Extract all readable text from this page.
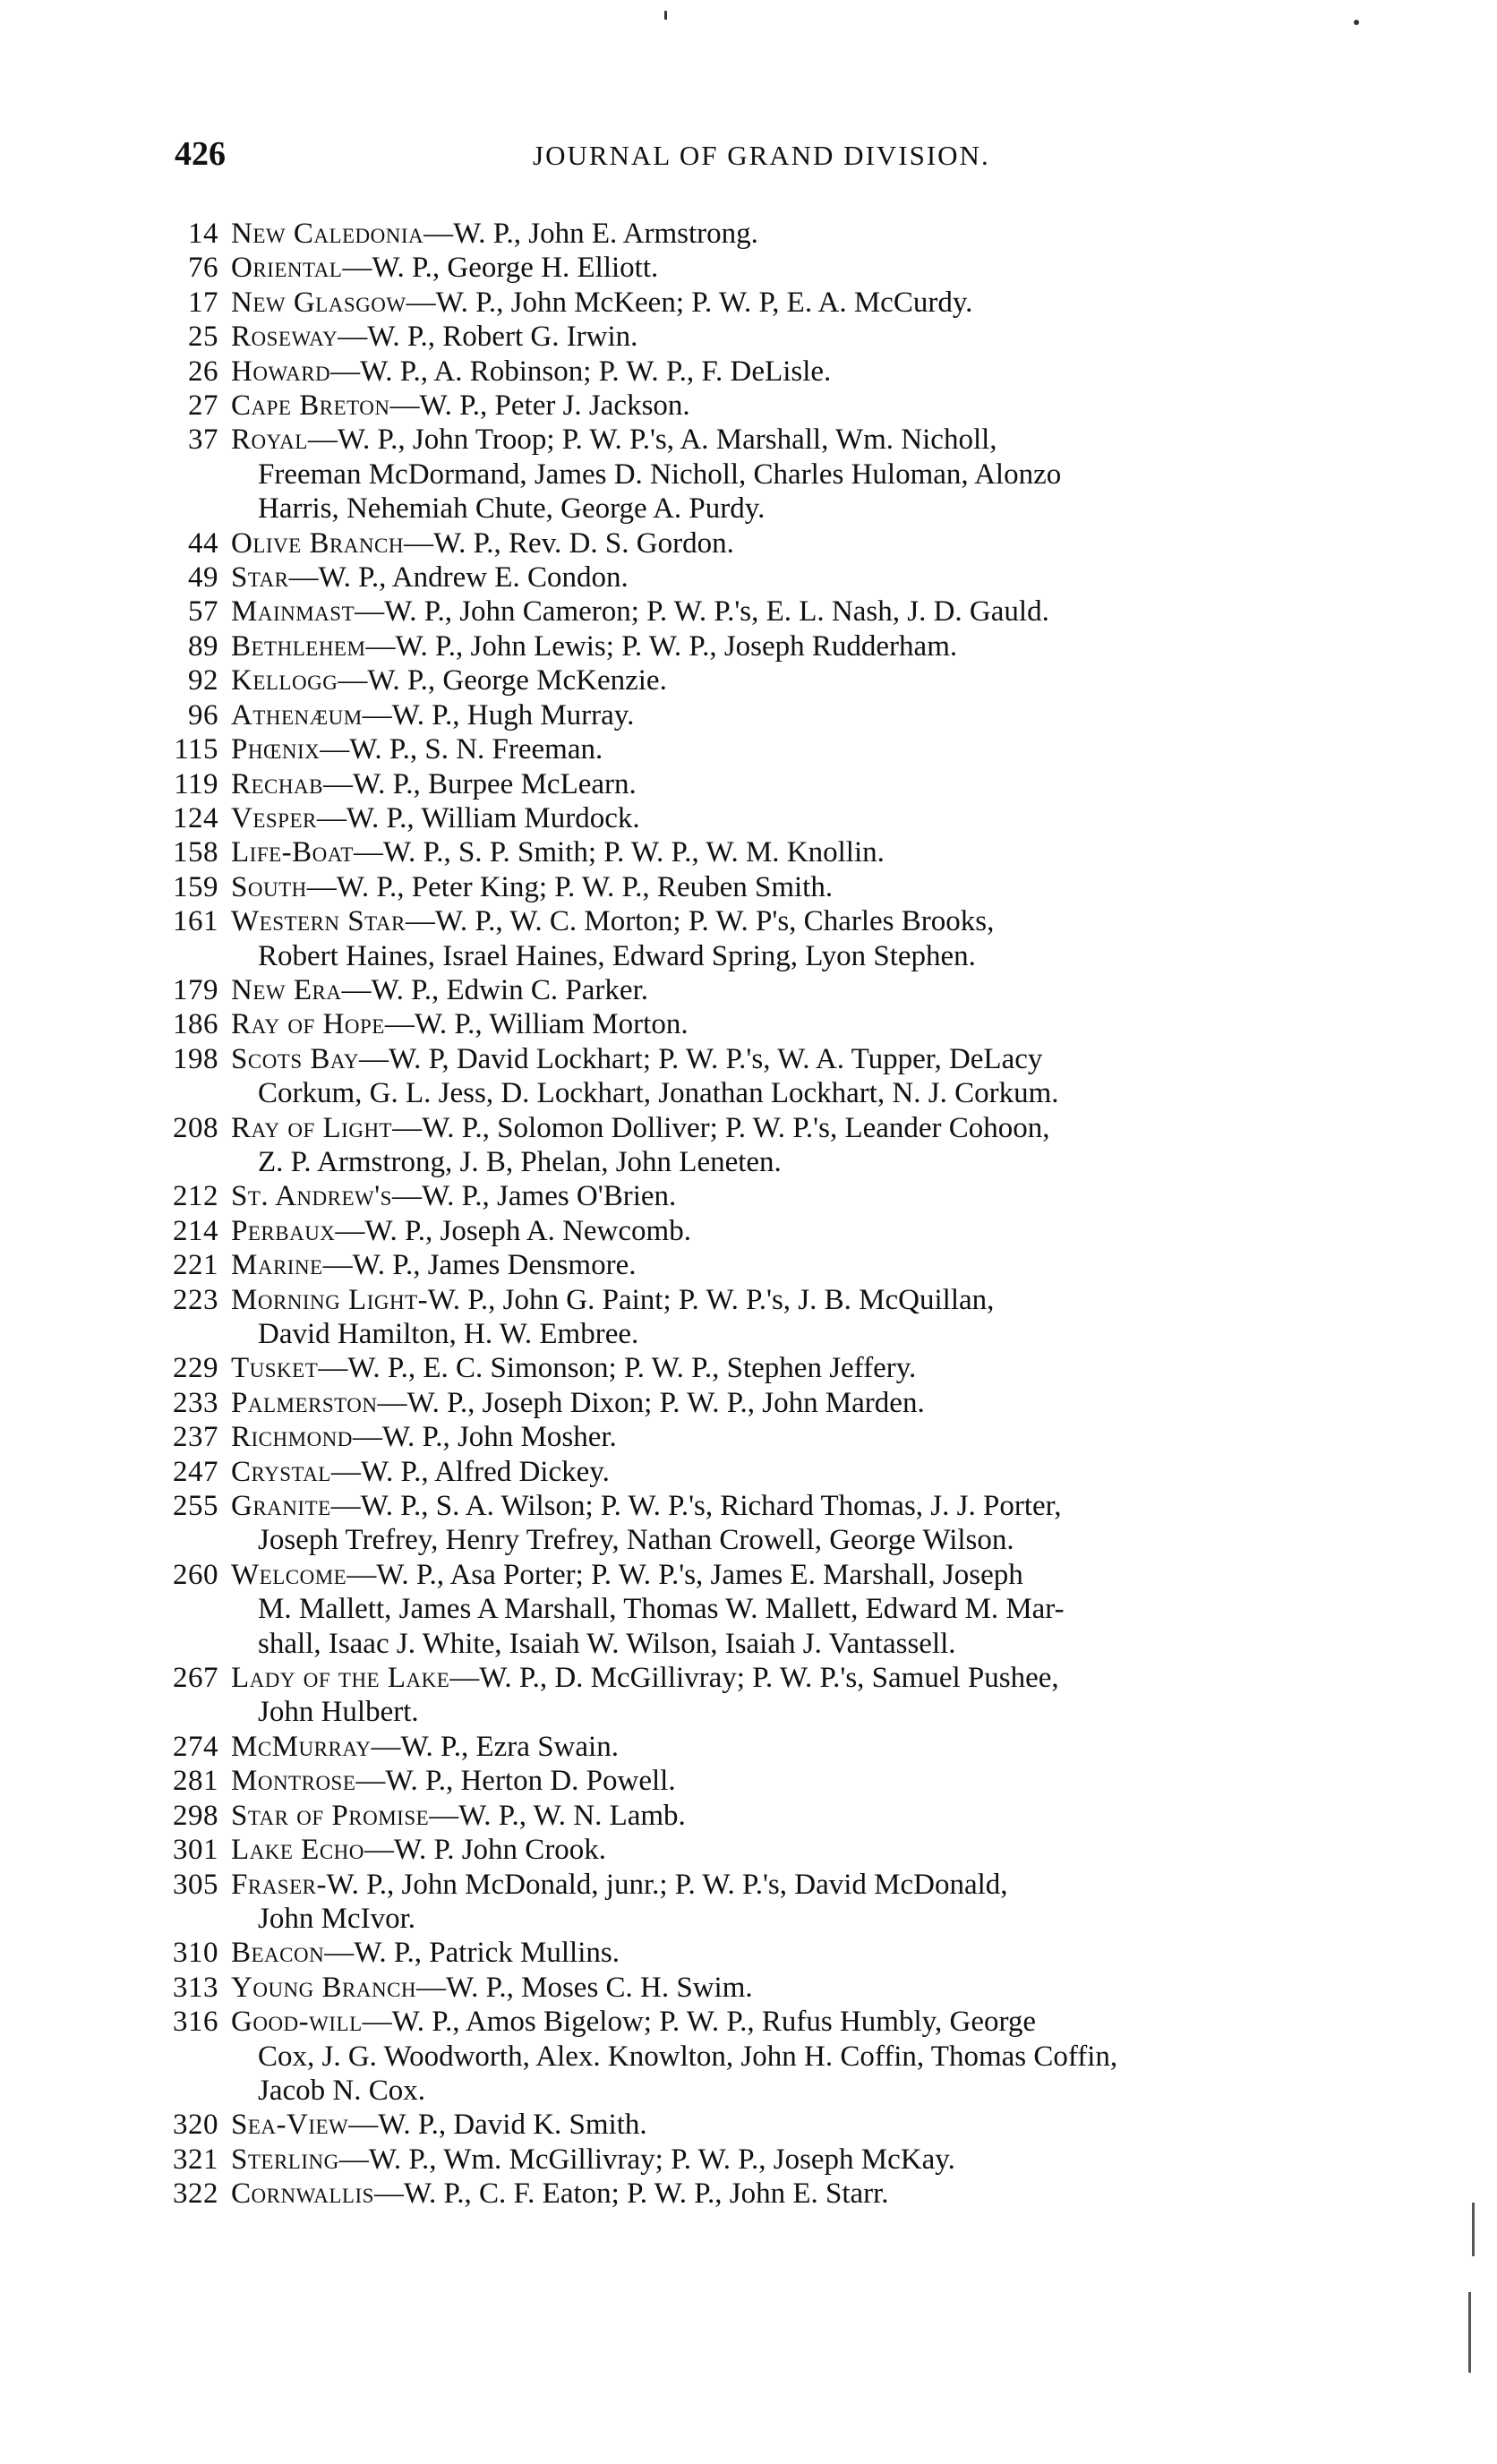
426	JOURNAL OF GRAND DIVISION.
14 New Caledonia—W. P., John E. Armstrong.
76 Oriental—W. P., George H. Elliott.
17 New Glasgow—W. P., John McKeen; P. W. P, E. A. McCurdy.
25 Roseway—W. P., Robert G. Irwin.
26 Howard—W. P., A. Robinson; P. W. P., F. DeLisle.
27 Cape Breton—W. P., Peter J. Jackson.
37 Royal—W. P., John Troop; P. W. P.'s, A. Marshall, Wm. Nicholl,
Freeman McDormand, James D. Nicholl, Charles Huloman, Alonzo
Harris, Nehemiah Chute, George A. Purdy.
44 Olive Branch—W. P., Rev. D. S. Gordon.
49 Star—W. P., Andrew E. Condon.
57 Mainmast—W. P., John Cameron; P. W. P.'s, E. L. Nash, J. D. Gauld.
89 Bethlehem—W. P., John Lewis; P. W. P., Joseph Rudderham.
92 Kellogg—W. P., George McKenzie.
96 Athenæum—W. P., Hugh Murray.
115 Phœnix—W. P., S. N. Freeman.
119 Rechab—W. P., Burpee McLearn.
124 Vesper—W. P., William Murdock.
158 Life-Boat—W. P., S. P. Smith; P. W. P., W. M. Knollin.
159 South—W. P., Peter King; P. W. P., Reuben Smith.
161 Western Star—W. P., W. C. Morton; P. W. P's, Charles Brooks,
Robert Haines, Israel Haines, Edward Spring, Lyon Stephen.
179 New Era—W. P., Edwin C. Parker.
186 Ray of Hope—W. P., William Morton.
198 Scots Bay—W. P, David Lockhart; P. W. P.'s, W. A. Tupper, DeLacy
Corkum, G. L. Jess, D. Lockhart, Jonathan Lockhart, N. J. Corkum.
208 Ray of Light—W. P., Solomon Dolliver; P. W. P.'s, Leander Cohoon,
Z. P. Armstrong, J. B, Phelan, John Leneten.
212 St. Andrew's—W. P., James O'Brien.
214 Perbaux—W. P., Joseph A. Newcomb.
221 Marine—W. P., James Densmore.
223 Morning Light-W. P., John G. Paint; P. W. P.'s, J. B. McQuillan,
David Hamilton, H. W. Embree.
229 Tusket—W. P., E. C. Simonson; P. W. P., Stephen Jeffery.
233 Palmerston—W. P., Joseph Dixon; P. W. P., John Marden.
237 Richmond—W. P., John Mosher.
247 Crystal—W. P., Alfred Dickey.
255 Granite—W. P., S. A. Wilson; P. W. P.'s, Richard Thomas, J. J. Porter,
Joseph Trefrey, Henry Trefrey, Nathan Crowell, George Wilson.
260 Welcome—W. P., Asa Porter; P. W. P.'s, James E. Marshall, Joseph
M. Mallett, James A Marshall, Thomas W. Mallett, Edward M. Mar-
shall, Isaac J. White, Isaiah W. Wilson, Isaiah J. Vantassell.
267 Lady of the Lake—W. P., D. McGillivray; P. W. P.'s, Samuel Pushee,
John Hulbert.
274 McMurray—W. P., Ezra Swain.
281 Montrose—W. P., Herton D. Powell.
298 Star of Promise—W. P., W. N. Lamb.
301 Lake Echo—W. P. John Crook.
305 Fraser-W. P., John McDonald, junr.; P. W. P.'s, David McDonald,
John McIvor.
310 Beacon—W. P., Patrick Mullins.
313 Young Branch—W. P., Moses C. H. Swim.
316 Good-will—W. P., Amos Bigelow; P. W. P., Rufus Humbly, George
Cox, J. G. Woodworth, Alex. Knowlton, John H. Coffin, Thomas Coffin,
Jacob N. Cox.
320 Sea-View—W. P., David K. Smith.
321 Sterling—W. P., Wm. McGillivray; P. W. P., Joseph McKay.
322 Cornwallis—W. P., C. F. Eaton; P. W. P., John E. Starr.
